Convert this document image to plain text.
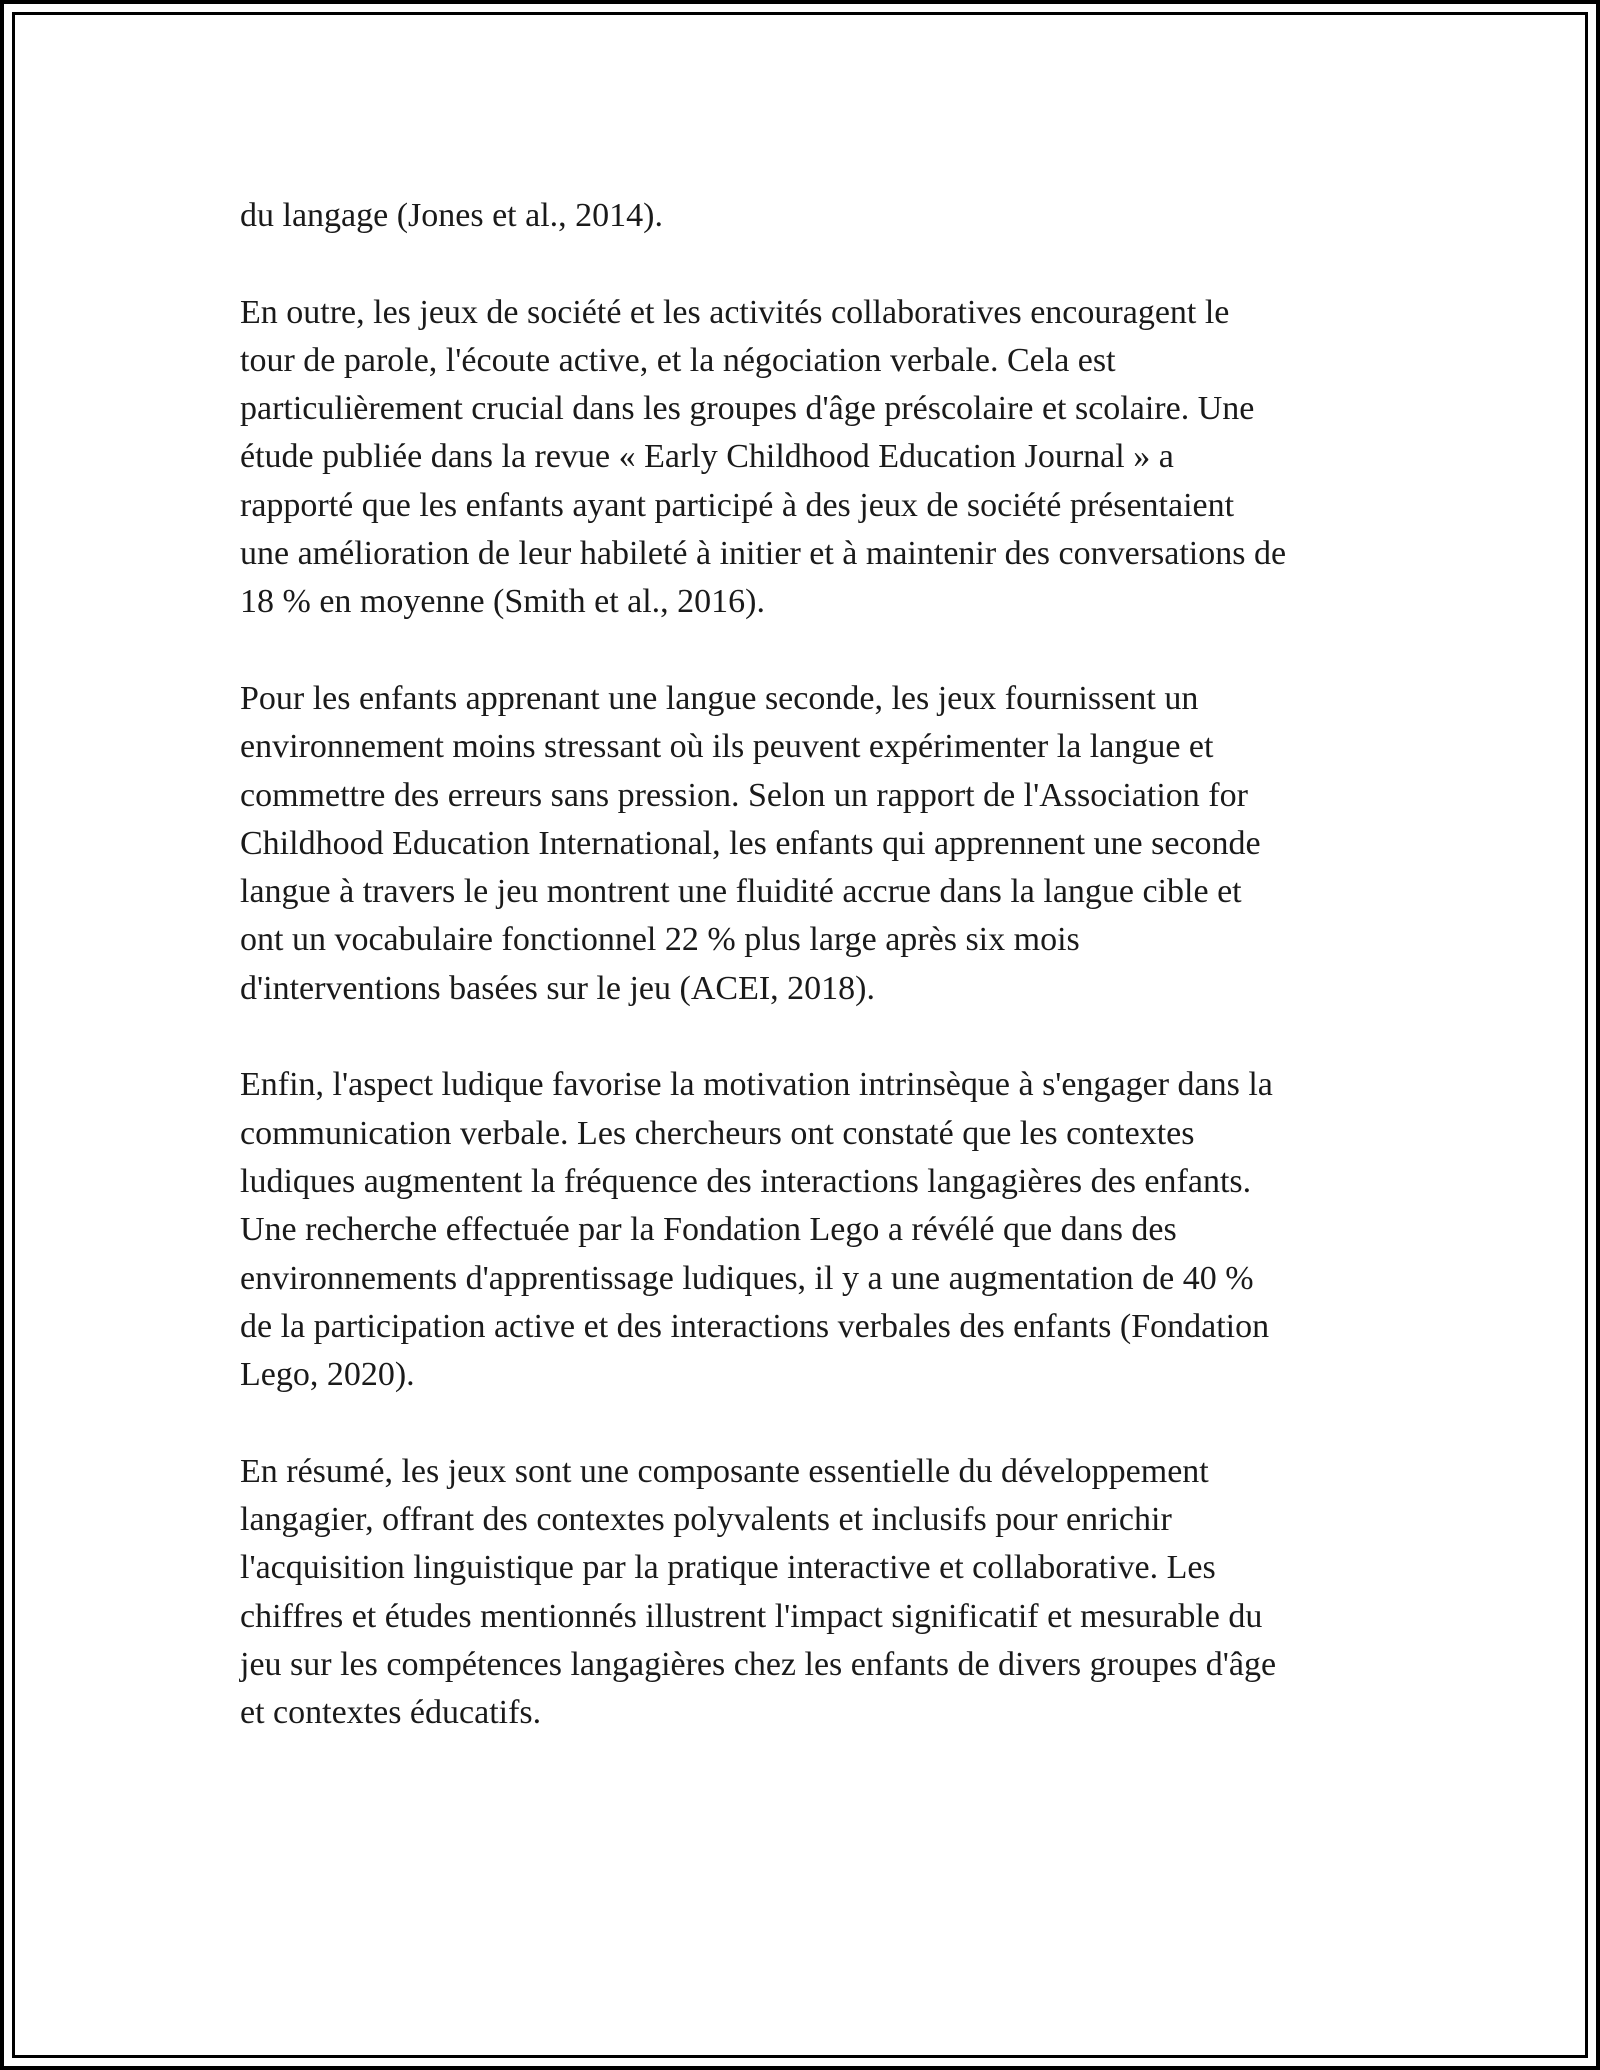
du langage (Jones et al., 2014).

En outre, les jeux de société et les activités collaboratives encouragent le
tour de parole, l'écoute active, et la négociation verbale. Cela est
particulièrement crucial dans les groupes d'âge préscolaire et scolaire. Une
étude publiée dans la revue « Early Childhood Education Journal » a
rapporté que les enfants ayant participé à des jeux de société présentaient
une amélioration de leur habileté à initier et à maintenir des conversations de
18 % en moyenne (Smith et al., 2016).

Pour les enfants apprenant une langue seconde, les jeux fournissent un
environnement moins stressant où ils peuvent expérimenter la langue et
commettre des erreurs sans pression. Selon un rapport de l'Association for
Childhood Education International, les enfants qui apprennent une seconde
langue à travers le jeu montrent une fluidité accrue dans la langue cible et
ont un vocabulaire fonctionnel 22 % plus large après six mois
d'interventions basées sur le jeu (ACEI, 2018).

Enfin, l'aspect ludique favorise la motivation intrinsèque à s'engager dans la
communication verbale. Les chercheurs ont constaté que les contextes
ludiques augmentent la fréquence des interactions langagières des enfants.
Une recherche effectuée par la Fondation Lego a révélé que dans des
environnements d'apprentissage ludiques, il y a une augmentation de 40 %
de la participation active et des interactions verbales des enfants (Fondation
Lego, 2020).

En résumé, les jeux sont une composante essentielle du développement
langagier, offrant des contextes polyvalents et inclusifs pour enrichir
l'acquisition linguistique par la pratique interactive et collaborative. Les
chiffres et études mentionnés illustrent l'impact significatif et mesurable du
jeu sur les compétences langagières chez les enfants de divers groupes d'âge
et contextes éducatifs.
